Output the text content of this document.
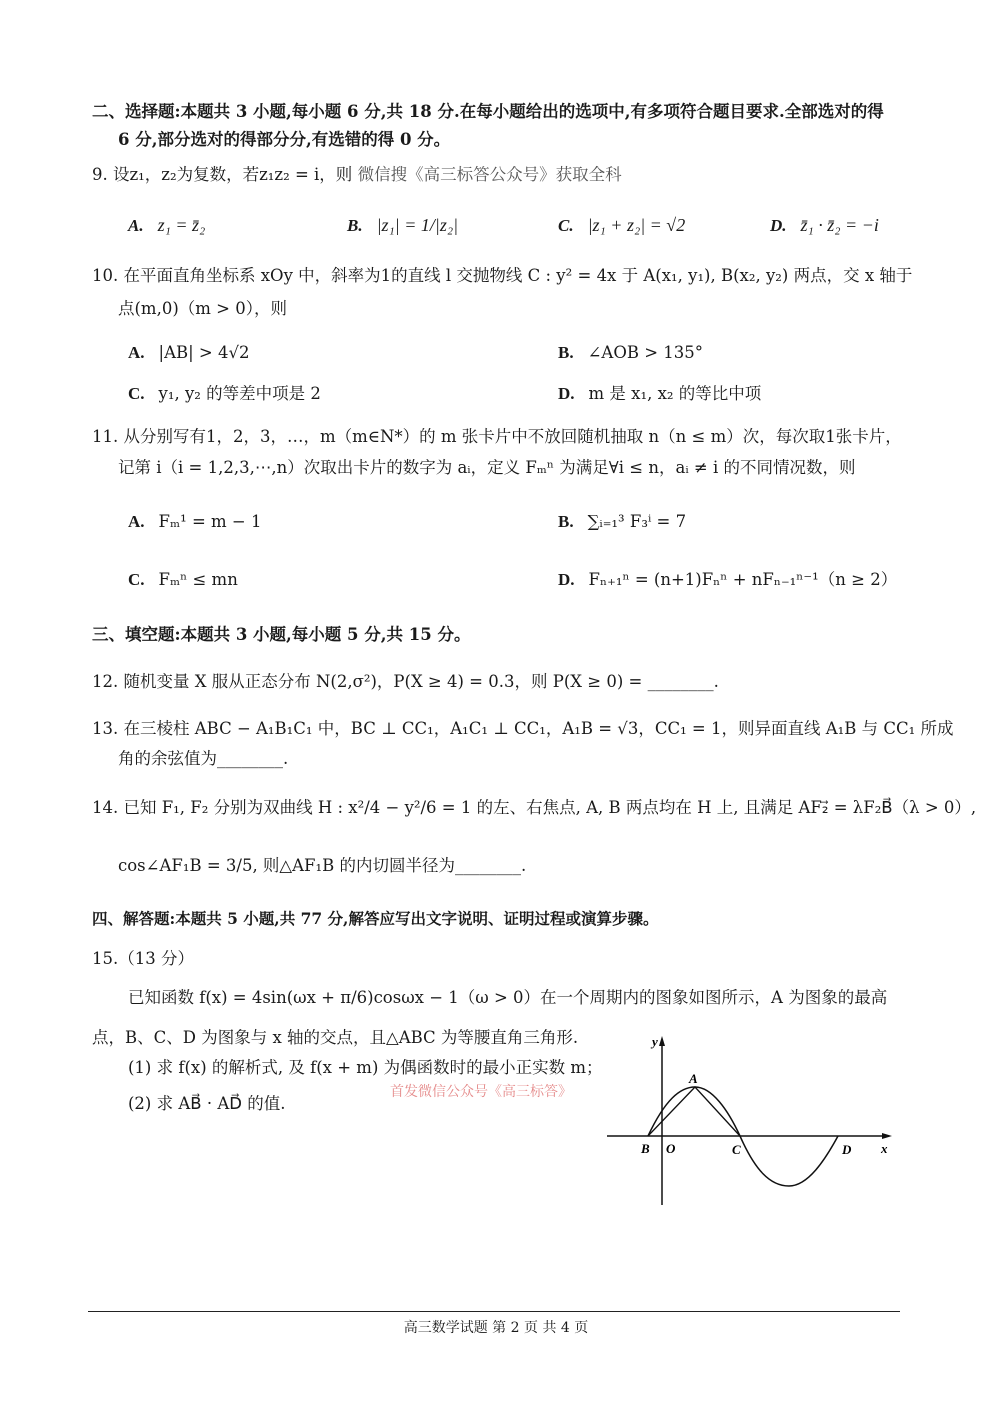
二、选择题:本题共 3 小题,每小题 6 分,共 18 分.在每小题给出的选项中,有多项符合题目要求.全部选对的得
6 分,部分选对的得部分分,有选错的得 0 分。
9. 设z₁，z₂为复数，若z₁z₂ = i，则 微信搜《高三标答公众号》获取全科
A. z₁ = z̄₂	B. |z₁| = 1/|z₂|	C. |z₁ + z₂| = √2	D. z̄₁ · z̄₂ = −i
10. 在平面直角坐标系 xOy 中，斜率为1的直线 l 交抛物线 C : y² = 4x 于 A(x₁, y₁), B(x₂, y₂) 两点，交 x 轴于
点(m,0)（m > 0），则
A. |AB| > 4√2	B. ∠AOB > 135°
C. y₁, y₂ 的等差中项是 2	D. m 是 x₁, x₂ 的等比中项
11. 从分别写有1，2，3，…，m（m∈N*）的 m 张卡片中不放回随机抽取 n（n ≤ m）次，每次取1张卡片，
记第 i（i = 1,2,3,⋯,n）次取出卡片的数字为 aᵢ，定义 Fₘⁿ 为满足∀i ≤ n，aᵢ ≠ i 的不同情况数，则
A. Fₘ¹ = m − 1	B. ∑ᵢ₌₁³ F₃ⁱ = 7
C. Fₘⁿ ≤ mn	D. Fₙ₊₁ⁿ = (n+1)Fₙⁿ + nFₙ₋₁ⁿ⁻¹（n ≥ 2）
三、填空题:本题共 3 小题,每小题 5 分,共 15 分。
12. 随机变量 X 服从正态分布 N(2,σ²)，P(X ≥ 4) = 0.3，则 P(X ≥ 0) = ________.
13. 在三棱柱 ABC − A₁B₁C₁ 中，BC ⊥ CC₁，A₁C₁ ⊥ CC₁，A₁B = √3，CC₁ = 1，则异面直线 A₁B 与 CC₁ 所成
角的余弦值为________.
14. 已知 F₁, F₂ 分别为双曲线 H : x²/4 − y²/6 = 1 的左、右焦点, A, B 两点均在 H 上, 且满足 AF₂⃗ = λF₂B⃗（λ > 0）,
cos∠AF₁B = 3/5, 则△AF₁B 的内切圆半径为________.
四、解答题:本题共 5 小题,共 77 分,解答应写出文字说明、证明过程或演算步骤。
15.（13 分）
已知函数 f(x) = 4sin(ωx + π/6)cosωx − 1（ω > 0）在一个周期内的图象如图所示，A 为图象的最高
点，B、C、D 为图象与 x 轴的交点，且△ABC 为等腰直角三角形.
(1) 求 f(x) 的解析式, 及 f(x + m) 为偶函数时的最小正实数 m；
(2) 求 AB⃗ · AD⃗ 的值.
首发微信公众号《高三标答》
y
x
A
B O	C	D
高三数学试题 第 2 页 共 4 页
